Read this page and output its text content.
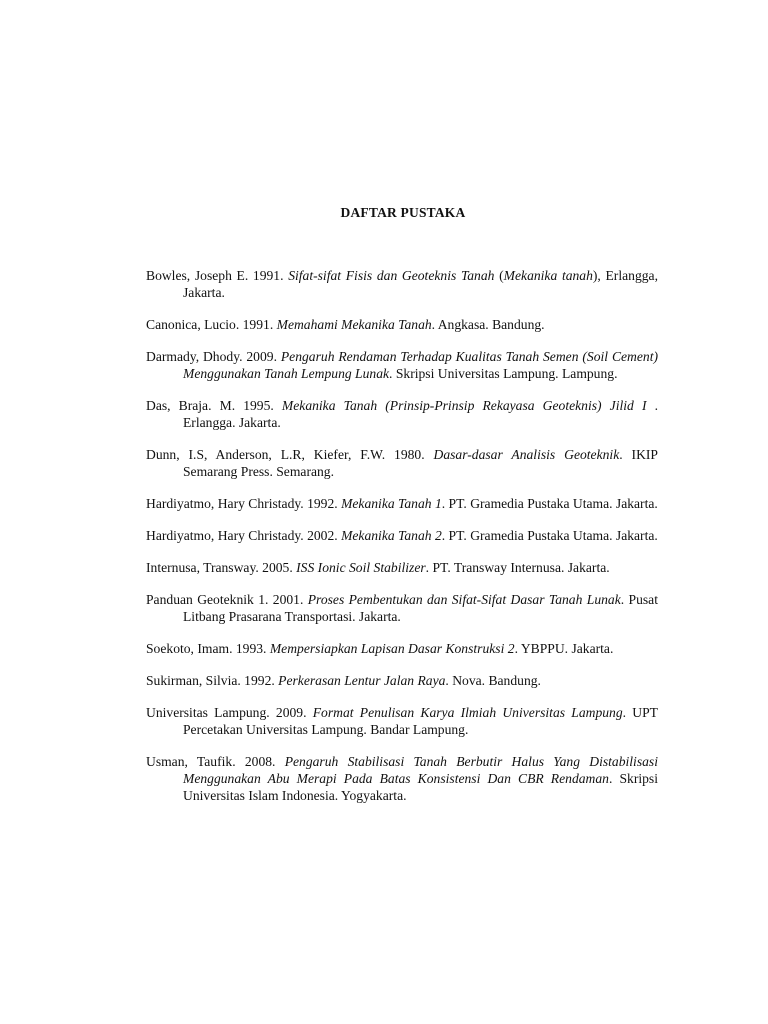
DAFTAR PUSTAKA

Bowles, Joseph E. 1991. Sifat-sifat Fisis dan Geoteknis Tanah (Mekanika tanah), Erlangga, Jakarta.

Canonica, Lucio. 1991. Memahami Mekanika Tanah. Angkasa. Bandung.

Darmady, Dhody. 2009. Pengaruh Rendaman Terhadap Kualitas Tanah Semen (Soil Cement) Menggunakan Tanah Lempung Lunak. Skripsi Universitas Lampung. Lampung.

Das, Braja. M. 1995. Mekanika Tanah (Prinsip-Prinsip Rekayasa Geoteknis) Jilid I . Erlangga. Jakarta.

Dunn, I.S, Anderson, L.R, Kiefer, F.W. 1980. Dasar-dasar Analisis Geoteknik. IKIP Semarang Press. Semarang.

Hardiyatmo, Hary Christady. 1992. Mekanika Tanah 1. PT. Gramedia Pustaka Utama. Jakarta.

Hardiyatmo, Hary Christady. 2002. Mekanika Tanah 2. PT. Gramedia Pustaka Utama. Jakarta.

Internusa, Transway. 2005. ISS Ionic Soil Stabilizer. PT. Transway Internusa. Jakarta.

Panduan Geoteknik 1. 2001. Proses Pembentukan dan Sifat-Sifat Dasar Tanah Lunak. Pusat Litbang Prasarana Transportasi. Jakarta.

Soekoto, Imam. 1993. Mempersiapkan Lapisan Dasar Konstruksi 2. YBPPU. Jakarta.

Sukirman, Silvia. 1992. Perkerasan Lentur Jalan Raya. Nova. Bandung.

Universitas Lampung. 2009. Format Penulisan Karya Ilmiah Universitas Lampung. UPT Percetakan Universitas Lampung. Bandar Lampung.

Usman, Taufik. 2008. Pengaruh Stabilisasi Tanah Berbutir Halus Yang Distabilisasi Menggunakan Abu Merapi Pada Batas Konsistensi Dan CBR Rendaman. Skripsi Universitas Islam Indonesia. Yogyakarta.
